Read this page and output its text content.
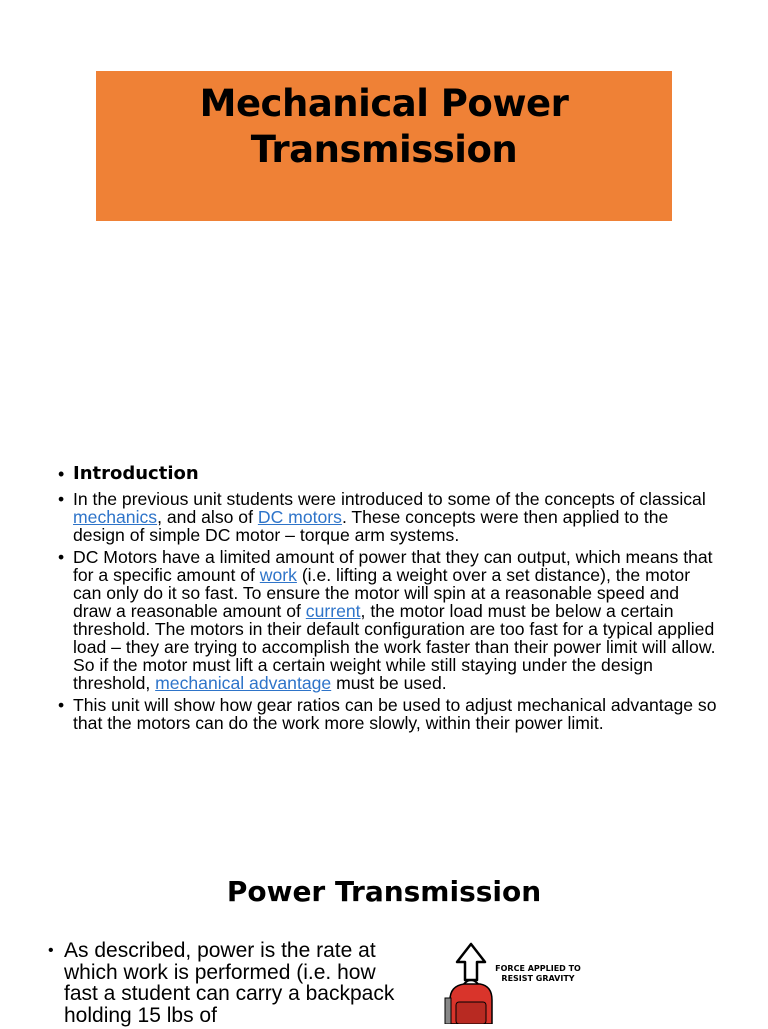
Mechanical Power
Transmission
• Introduction
• In the previous unit students were introduced to some of the concepts of classical mechanics, and also of DC motors. These concepts were then applied to the design of simple DC motor – torque arm systems.
• DC Motors have a limited amount of power that they can output, which means that for a specific amount of work (i.e. lifting a weight over a set distance), the motor can only do it so fast. To ensure the motor will spin at a reasonable speed and draw a reasonable amount of current, the motor load must be below a certain threshold. The motors in their default configuration are too fast for a typical applied load – they are trying to accomplish the work faster than their power limit will allow. So if the motor must lift a certain weight while still staying under the design threshold, mechanical advantage must be used.
• This unit will show how gear ratios can be used to adjust mechanical advantage so that the motors can do the work more slowly, within their power limit.
Power Transmission
• As described, power is the rate at which work is performed (i.e. how fast a student can carry a backpack holding 15 lbs of
FORCE APPLIED TO
RESIST GRAVITY
